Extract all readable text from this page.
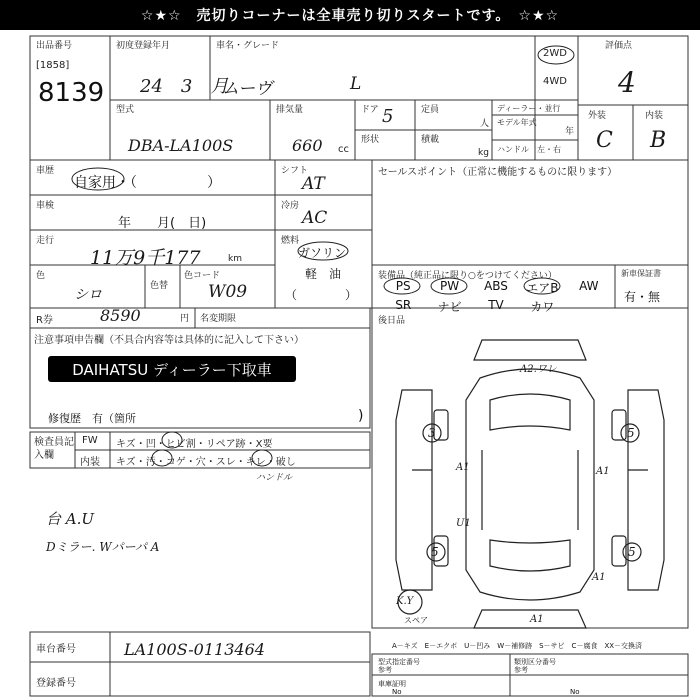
☆★☆　売切りコーナーは全車売り切りスタートです。　☆★☆
出品番号
[1858]
8139
初度登録年月
24　3　月
車名・グレード
ムーヴ	L
2WD
4WD
評価点
4
外装	内装
C B
型式
DBA-LA100S
排気量
660 cc
ドア 5
形状
定員
人
積載
kg
ディーラー・並行
モデル年式
年
ハンドル　左・右
車歴
自家用・（　　　　　）
車検
年　　月(　日)
走行
11万9千177	km
色
シロ
色替
色コード
W09
シフト
AT
冷房
AC
燃料
ガソリン
軽　油
（　　　　）
セールスポイント（正常に機能するものに限ります）
装備品（純正品に限り○をつけてください）
PS	PW	ABS	エアB	AW
SR	ナビ	TV	カワ
新車保証書
有・無
R券	8590	円 名変期限
注意事項申告欄（不具合内容等は具体的に記入して下さい）
DAIHATSU ディーラー下取車
修復歴　有（箇所	)
後日品
検査員記入欄
FW キズ・凹・ヒビ割・リペア跡・X要
内装 キズ・汚・コゲ・穴・スレ・キレ・破し
ハンドル
台 A.U
Dミラー. Wパーパ A
A2.ワレ
3	5
5	5
A1	A1
U1
A1
A1
K.Y
スペア
A－キズ　E－エクボ　U－凹み　W－補修跡　S－サビ　C－腐食　XX－交換済
車台番号	LA100S-0113464
登録番号
型式指定番号
参考
類別区分番号
参考
車庫証明
No	No
